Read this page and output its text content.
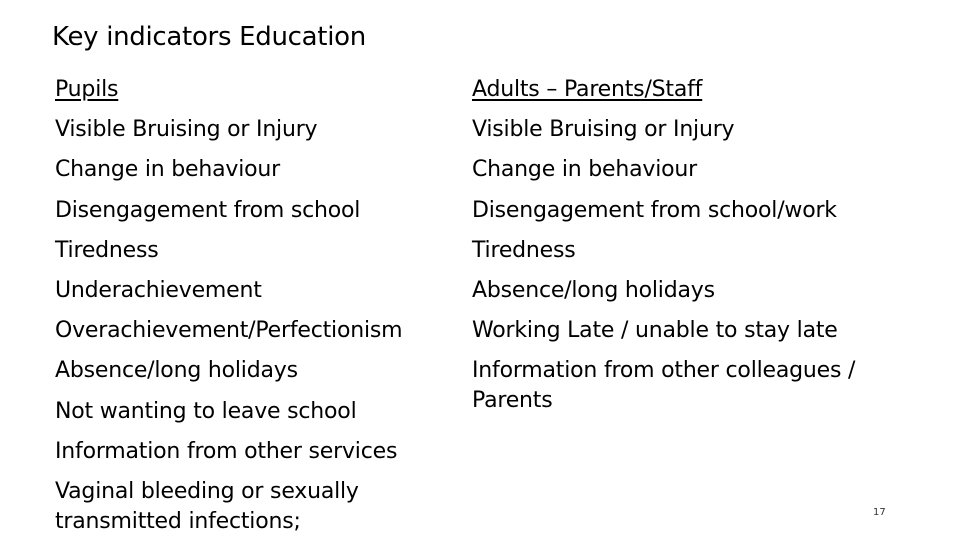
Key indicators Education
Pupils
Visible Bruising or Injury
Change in behaviour
Disengagement from school
Tiredness
Underachievement
Overachievement/Perfectionism
Absence/long holidays
Not wanting to leave school
Information from other services
Vaginal bleeding or sexually transmitted infections;
Adults – Parents/Staff
Visible Bruising or Injury
Change in behaviour
Disengagement from school/work
Tiredness
Absence/long holidays
Working Late / unable to stay late
Information from other colleagues / Parents
17
